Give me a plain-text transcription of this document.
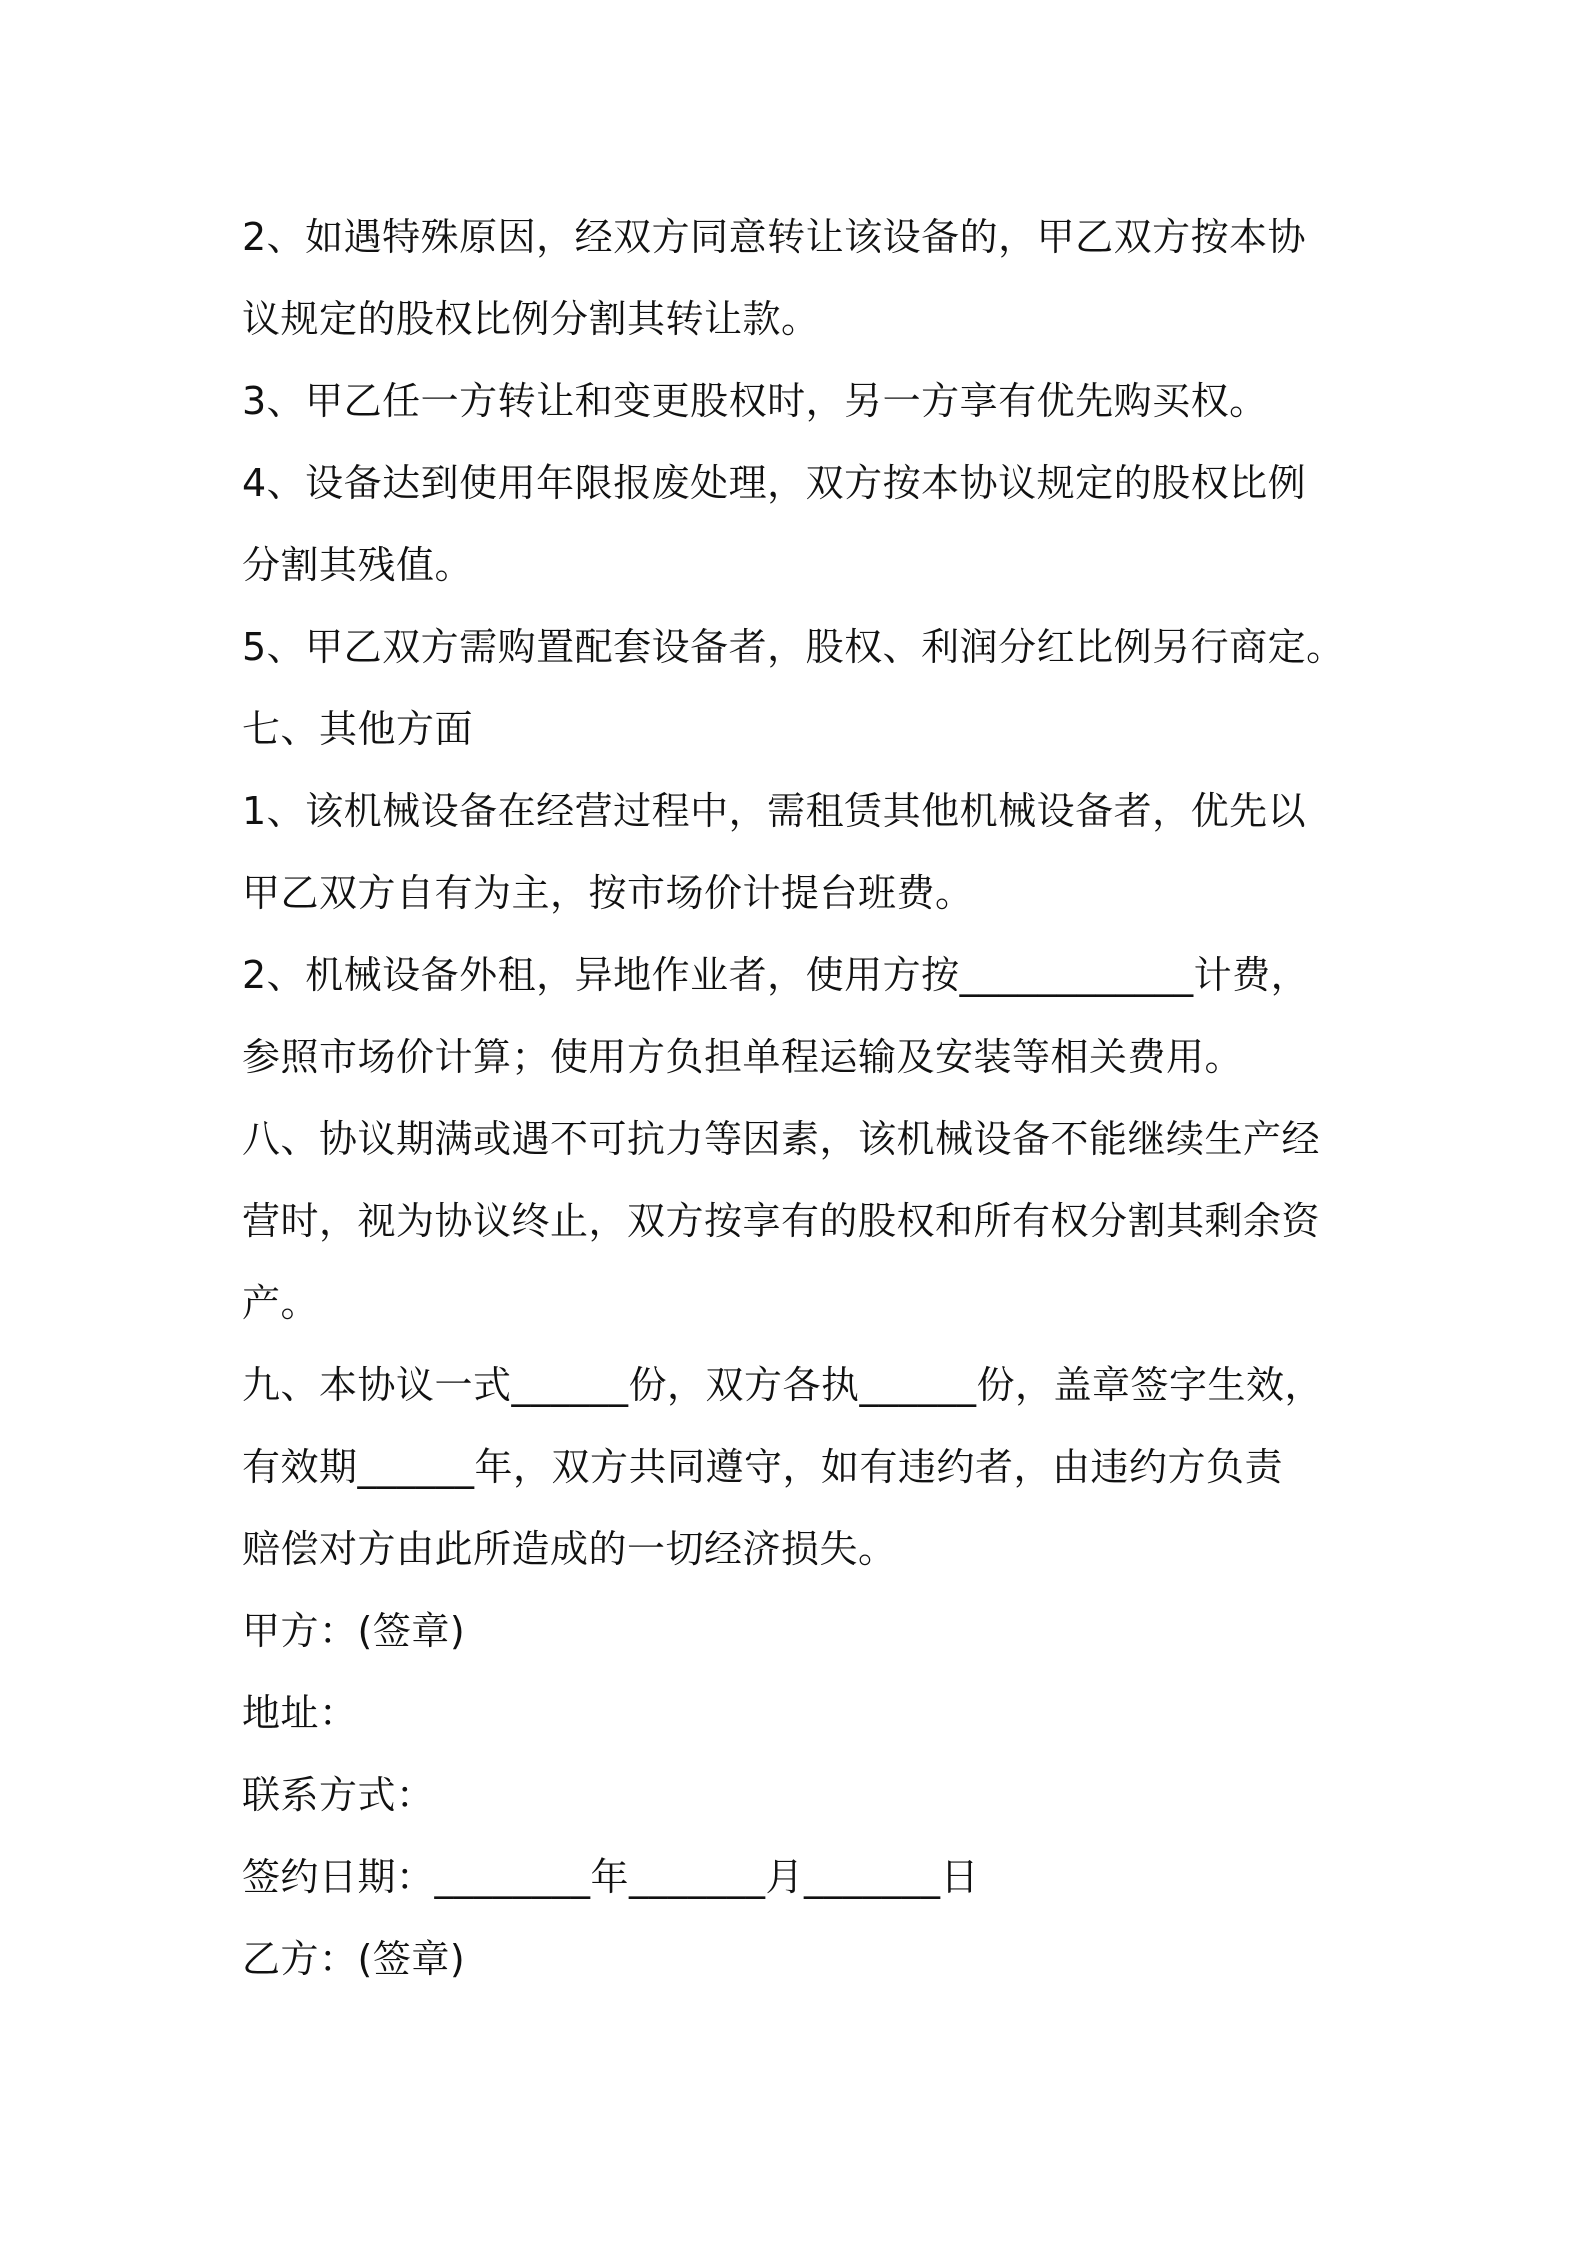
2、如遇特殊原因，经双方同意转让该设备的，甲乙双方按本协
议规定的股权比例分割其转让款。
3、甲乙任一方转让和变更股权时，另一方享有优先购买权。
4、设备达到使用年限报废处理，双方按本协议规定的股权比例
分割其残值。
5、甲乙双方需购置配套设备者，股权、利润分红比例另行商定。
七、其他方面
1、该机械设备在经营过程中，需租赁其他机械设备者，优先以
甲乙双方自有为主，按市场价计提台班费。
2、机械设备外租，异地作业者，使用方按____________计费，
参照市场价计算；使用方负担单程运输及安装等相关费用。
八、协议期满或遇不可抗力等因素，该机械设备不能继续生产经
营时，视为协议终止，双方按享有的股权和所有权分割其剩余资
产。
九、本协议一式______份，双方各执______份，盖章签字生效，
有效期______年，双方共同遵守，如有违约者，由违约方负责
赔偿对方由此所造成的一切经济损失。
甲方：(签章)
地址：
联系方式：
签约日期：________年_______月_______日
乙方：(签章)
